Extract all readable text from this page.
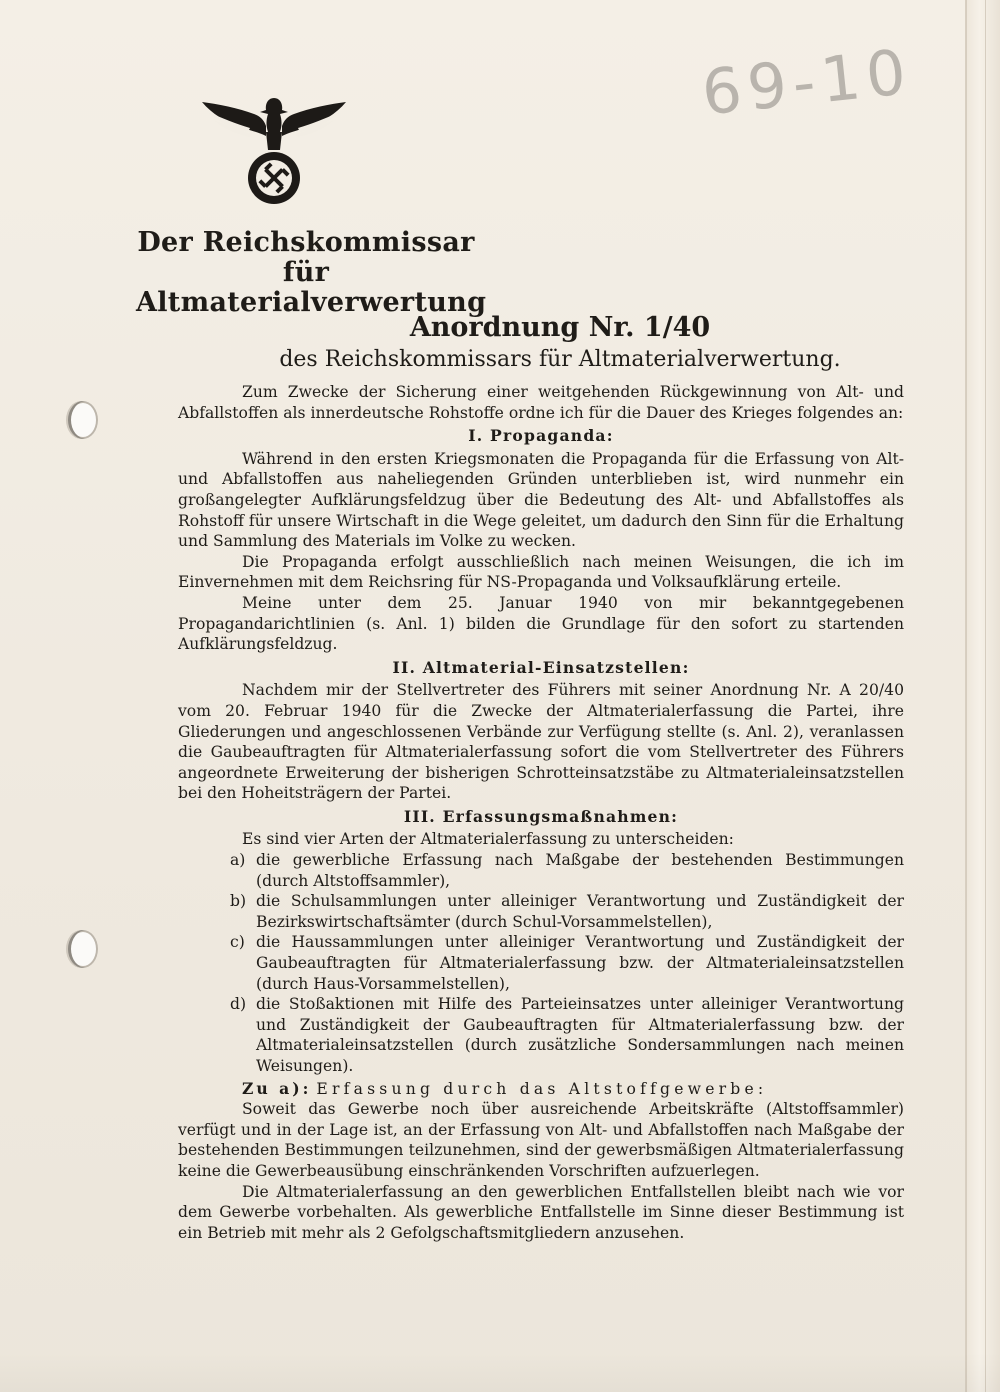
69-10
Der Reichskommissar
für Altmaterialverwertung
Anordnung Nr. 1/40
des Reichskommissars für Altmaterialverwertung.

Zum Zwecke der Sicherung einer weitgehenden Rückgewinnung von Alt- und Abfallstoffen als innerdeutsche Rohstoffe ordne ich für die Dauer des Krieges folgendes an:

I. Propaganda:

Während in den ersten Kriegsmonaten die Propaganda für die Erfassung von Alt- und Abfallstoffen aus naheliegenden Gründen unterblieben ist, wird nunmehr ein großangelegter Aufklärungsfeldzug über die Bedeutung des Alt- und Abfallstoffes als Rohstoff für unsere Wirtschaft in die Wege geleitet, um dadurch den Sinn für die Erhaltung und Sammlung des Materials im Volke zu wecken.

Die Propaganda erfolgt ausschließlich nach meinen Weisungen, die ich im Einvernehmen mit dem Reichsring für NS-Propaganda und Volksaufklärung erteile.

Meine unter dem 25. Januar 1940 von mir bekanntgegebenen Propagandarichtlinien (s. Anl. 1) bilden die Grundlage für den sofort zu startenden Aufklärungsfeldzug.

II. Altmaterial-Einsatzstellen:

Nachdem mir der Stellvertreter des Führers mit seiner Anordnung Nr. A 20/40 vom 20. Februar 1940 für die Zwecke der Altmaterialerfassung die Partei, ihre Gliederungen und angeschlossenen Verbände zur Verfügung stellte (s. Anl. 2), veranlassen die Gaubeauftragten für Altmaterialerfassung sofort die vom Stellvertreter des Führers angeordnete Erweiterung der bisherigen Schrotteinsatzstäbe zu Altmaterialeinsatzstellen bei den Hoheitsträgern der Partei.

III. Erfassungsmaßnahmen:

Es sind vier Arten der Altmaterialerfassung zu unterscheiden:

a) die gewerbliche Erfassung nach Maßgabe der bestehenden Bestimmungen (durch Altstoffsammler),
b) die Schulsammlungen unter alleiniger Verantwortung und Zuständigkeit der Bezirkswirtschaftsämter (durch Schul-Vorsammelstellen),
c) die Haussammlungen unter alleiniger Verantwortung und Zuständigkeit der Gaubeauftragten für Altmaterialerfassung bzw. der Altmaterialeinsatzstellen (durch Haus-Vorsammelstellen),
d) die Stoßaktionen mit Hilfe des Parteieinsatzes unter alleiniger Verantwortung und Zuständigkeit der Gaubeauftragten für Altmaterialerfassung bzw. der Altmaterialeinsatzstellen (durch zusätzliche Sondersammlungen nach meinen Weisungen).

Zu a): Erfassung durch das Altstoffgewerbe:

Soweit das Gewerbe noch über ausreichende Arbeitskräfte (Altstoffsammler) verfügt und in der Lage ist, an der Erfassung von Alt- und Abfallstoffen nach Maßgabe der bestehenden Bestimmungen teilzunehmen, sind der gewerbsmäßigen Altmaterialerfassung keine die Gewerbeausübung einschränkenden Vorschriften aufzuerlegen.

Die Altmaterialerfassung an den gewerblichen Entfallstellen bleibt nach wie vor dem Gewerbe vorbehalten. Als gewerbliche Entfallstelle im Sinne dieser Bestimmung ist ein Betrieb mit mehr als 2 Gefolgschaftsmitgliedern anzusehen.
